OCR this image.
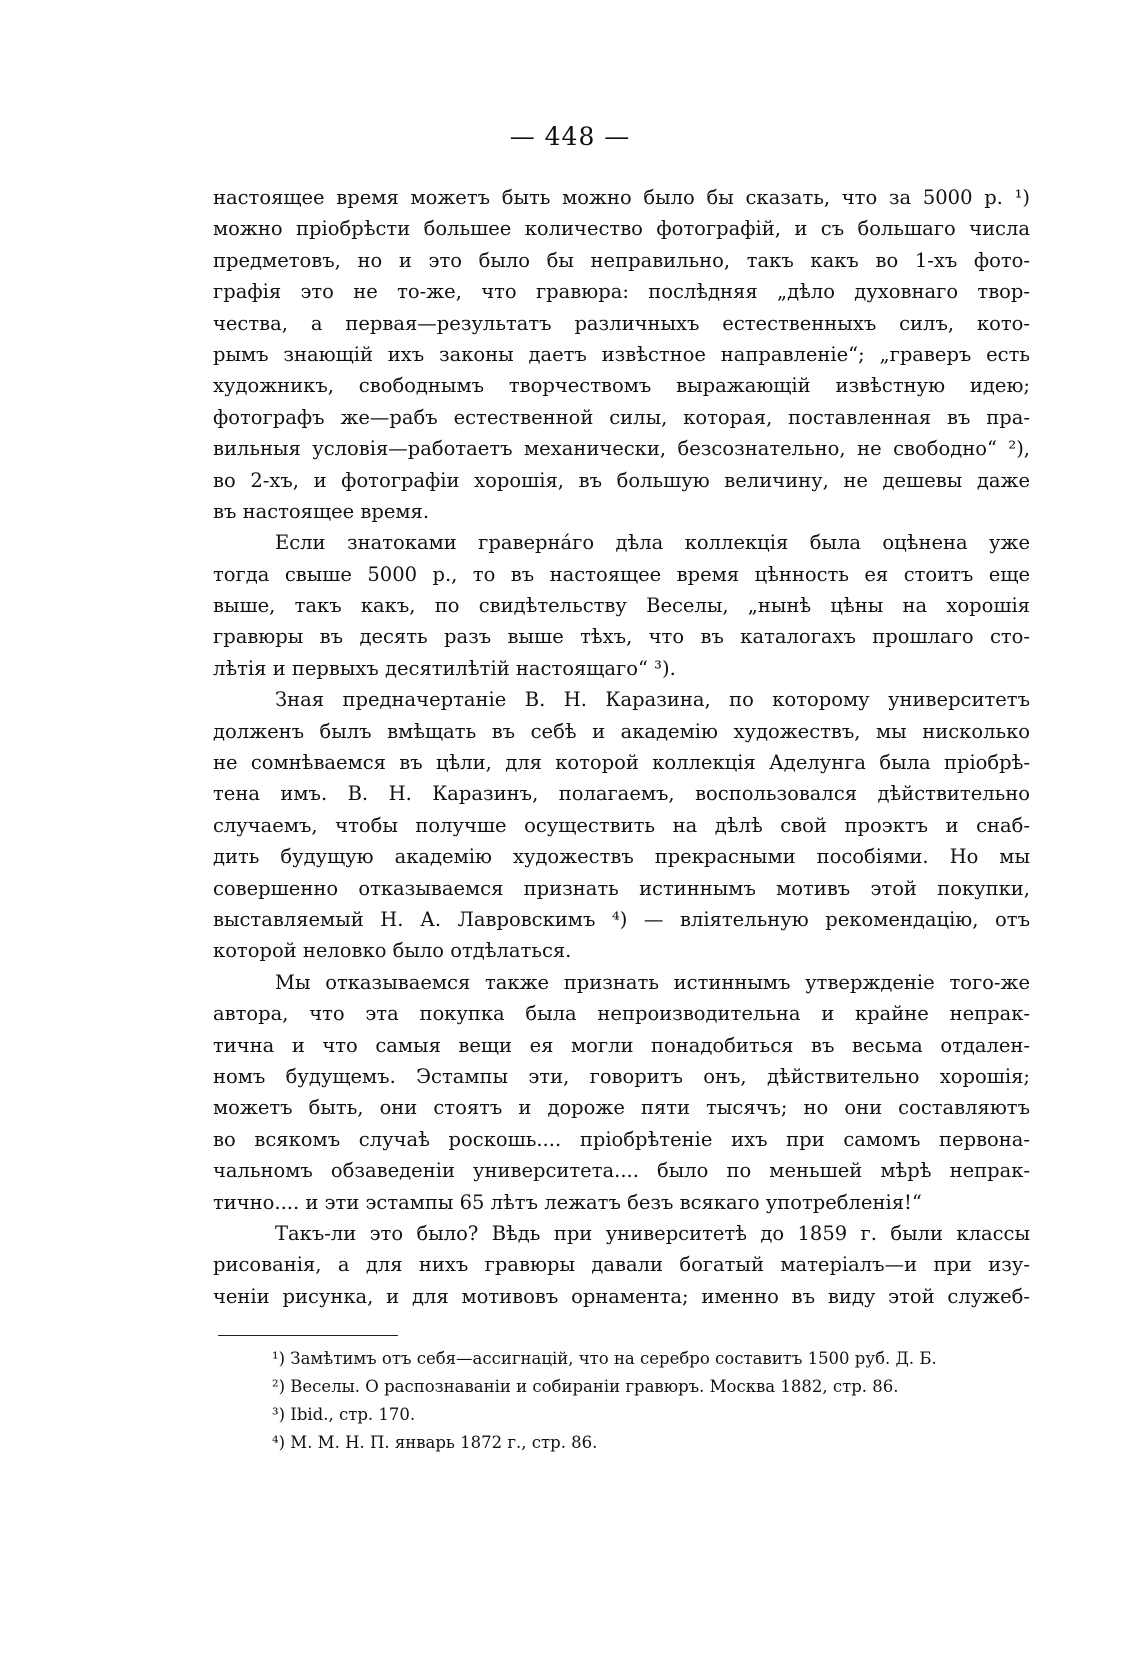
— 448 —
настоящее время можетъ быть можно было бы сказать, что за 5000 р. ¹)
можно пріобрѣсти большее количество фотографій, и съ большаго числа
предметовъ, но и это было бы неправильно, такъ какъ во 1-хъ фото-
графія это не то-же, что гравюра: послѣдняя „дѣло духовнаго твор-
чества, а первая—результатъ различныхъ естественныхъ силъ, кото-
рымъ знающій ихъ законы даетъ извѣстное направленіе“; „граверъ есть
художникъ, свободнымъ творчествомъ выражающій извѣстную идею;
фотографъ же—рабъ естественной силы, которая, поставленная въ пра-
вильныя условія—работаетъ механически, безсознательно, не свободно“ ²),
во 2-хъ, и фотографіи хорошія, въ большую величину, не дешевы даже
въ настоящее время.
Если знатоками граверна́го дѣла коллекція была оцѣнена уже
тогда свыше 5000 р., то въ настоящее время цѣнность ея стоитъ еще
выше, такъ какъ, по свидѣтельству Веселы, „нынѣ цѣны на хорошія
гравюры въ десять разъ выше тѣхъ, что въ каталогахъ прошлаго сто-
лѣтія и первыхъ десятилѣтій настоящаго“ ³).
Зная предначертаніе В. Н. Каразина, по которому университетъ
долженъ былъ вмѣщать въ себѣ и академію художествъ, мы нисколько
не сомнѣваемся въ цѣли, для которой коллекція Аделунга была пріобрѣ-
тена имъ. В. Н. Каразинъ, полагаемъ, воспользовался дѣйствительно
случаемъ, чтобы получше осуществить на дѣлѣ свой проэктъ и снаб-
дить будущую академію художествъ прекрасными пособіями. Но мы
совершенно отказываемся признать истиннымъ мотивъ этой покупки,
выставляемый Н. А. Лавровскимъ ⁴) — вліятельную рекомендацію, отъ
которой неловко было отдѣлаться.
Мы отказываемся также признать истиннымъ утвержденіе того-же
автора, что эта покупка была непроизводительна и крайне непрак-
тична и что самыя вещи ея могли понадобиться въ весьма отдален-
номъ будущемъ. Эстампы эти, говоритъ онъ, дѣйствительно хорошія;
можетъ быть, они стоятъ и дороже пяти тысячъ; но они составляютъ
во всякомъ случаѣ роскошь.... пріобрѣтеніе ихъ при самомъ первона-
чальномъ обзаведеніи университета.... было по меньшей мѣрѣ непрак-
тично.... и эти эстампы 65 лѣтъ лежатъ безъ всякаго употребленія!“
Такъ-ли это было? Вѣдь при университетѣ до 1859 г. были классы
рисованія, а для нихъ гравюры давали богатый матеріалъ—и при изу-
ченіи рисунка, и для мотивовъ орнамента; именно въ виду этой служеб-
¹) Замѣтимъ отъ себя—ассигнацій, что на серебро составитъ 1500 руб. Д. Б.
²) Веселы. О распознаваніи и собираніи гравюръ. Москва 1882, стр. 86.
³) Ibid., стр. 170.
⁴) М. М. Н. П. январь 1872 г., стр. 86.
